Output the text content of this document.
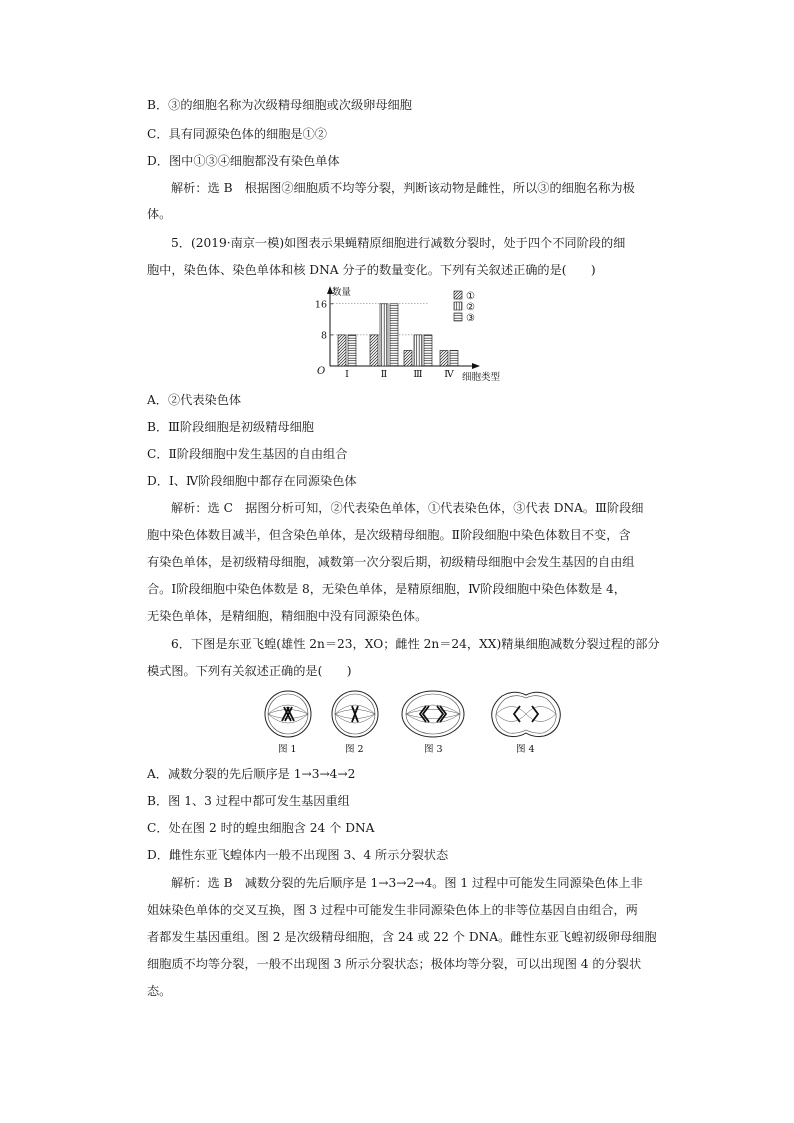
B．③的细胞名称为次级精母细胞或次级卵母细胞
C．具有同源染色体的细胞是①②
D．图中①③④细胞都没有染色单体
解析：选 B　根据图②细胞质不均等分裂，判断该动物是雌性，所以③的细胞名称为极
体。
5．(2019·南京一模)如图表示果蝇精原细胞进行减数分裂时，处于四个不同阶段的细
胞中，染色体、染色单体和核 DNA 分子的数量变化。下列有关叙述正确的是(　　)
8
16
Ⅰ	Ⅱ	Ⅲ Ⅳ
①
②
③
数量
细胞类型
O
A．②代表染色体
B．Ⅲ阶段细胞是初级精母细胞
C．Ⅱ阶段细胞中发生基因的自由组合
D．Ⅰ、Ⅳ阶段细胞中都存在同源染色体
解析：选 C　据图分析可知，②代表染色单体，①代表染色体，③代表 DNA。Ⅲ阶段细
胞中染色体数目减半，但含染色单体，是次级精母细胞。Ⅱ阶段细胞中染色体数目不变，含
有染色单体，是初级精母细胞，减数第一次分裂后期，初级精母细胞中会发生基因的自由组
合。Ⅰ阶段细胞中染色体数是 8，无染色单体，是精原细胞，Ⅳ阶段细胞中染色体数是 4，
无染色单体，是精细胞，精细胞中没有同源染色体。
6．下图是东亚飞蝗(雄性 2n＝23，XO；雌性 2n＝24，XX)精巢细胞减数分裂过程的部分
模式图。下列有关叙述正确的是(　　)
图 1	图 2	图 3	图 4
A．减数分裂的先后顺序是 1→3→4→2
B．图 1、3 过程中都可发生基因重组
C．处在图 2 时的蝗虫细胞含 24 个 DNA
D．雌性东亚飞蝗体内一般不出现图 3、4 所示分裂状态
解析：选 B　减数分裂的先后顺序是 1→3→2→4。图 1 过程中可能发生同源染色体上非
姐妹染色单体的交叉互换，图 3 过程中可能发生非同源染色体上的非等位基因自由组合，两
者都发生基因重组。图 2 是次级精母细胞，含 24 或 22 个 DNA。雌性东亚飞蝗初级卵母细胞
细胞质不均等分裂，一般不出现图 3 所示分裂状态；极体均等分裂，可以出现图 4 的分裂状
态。
